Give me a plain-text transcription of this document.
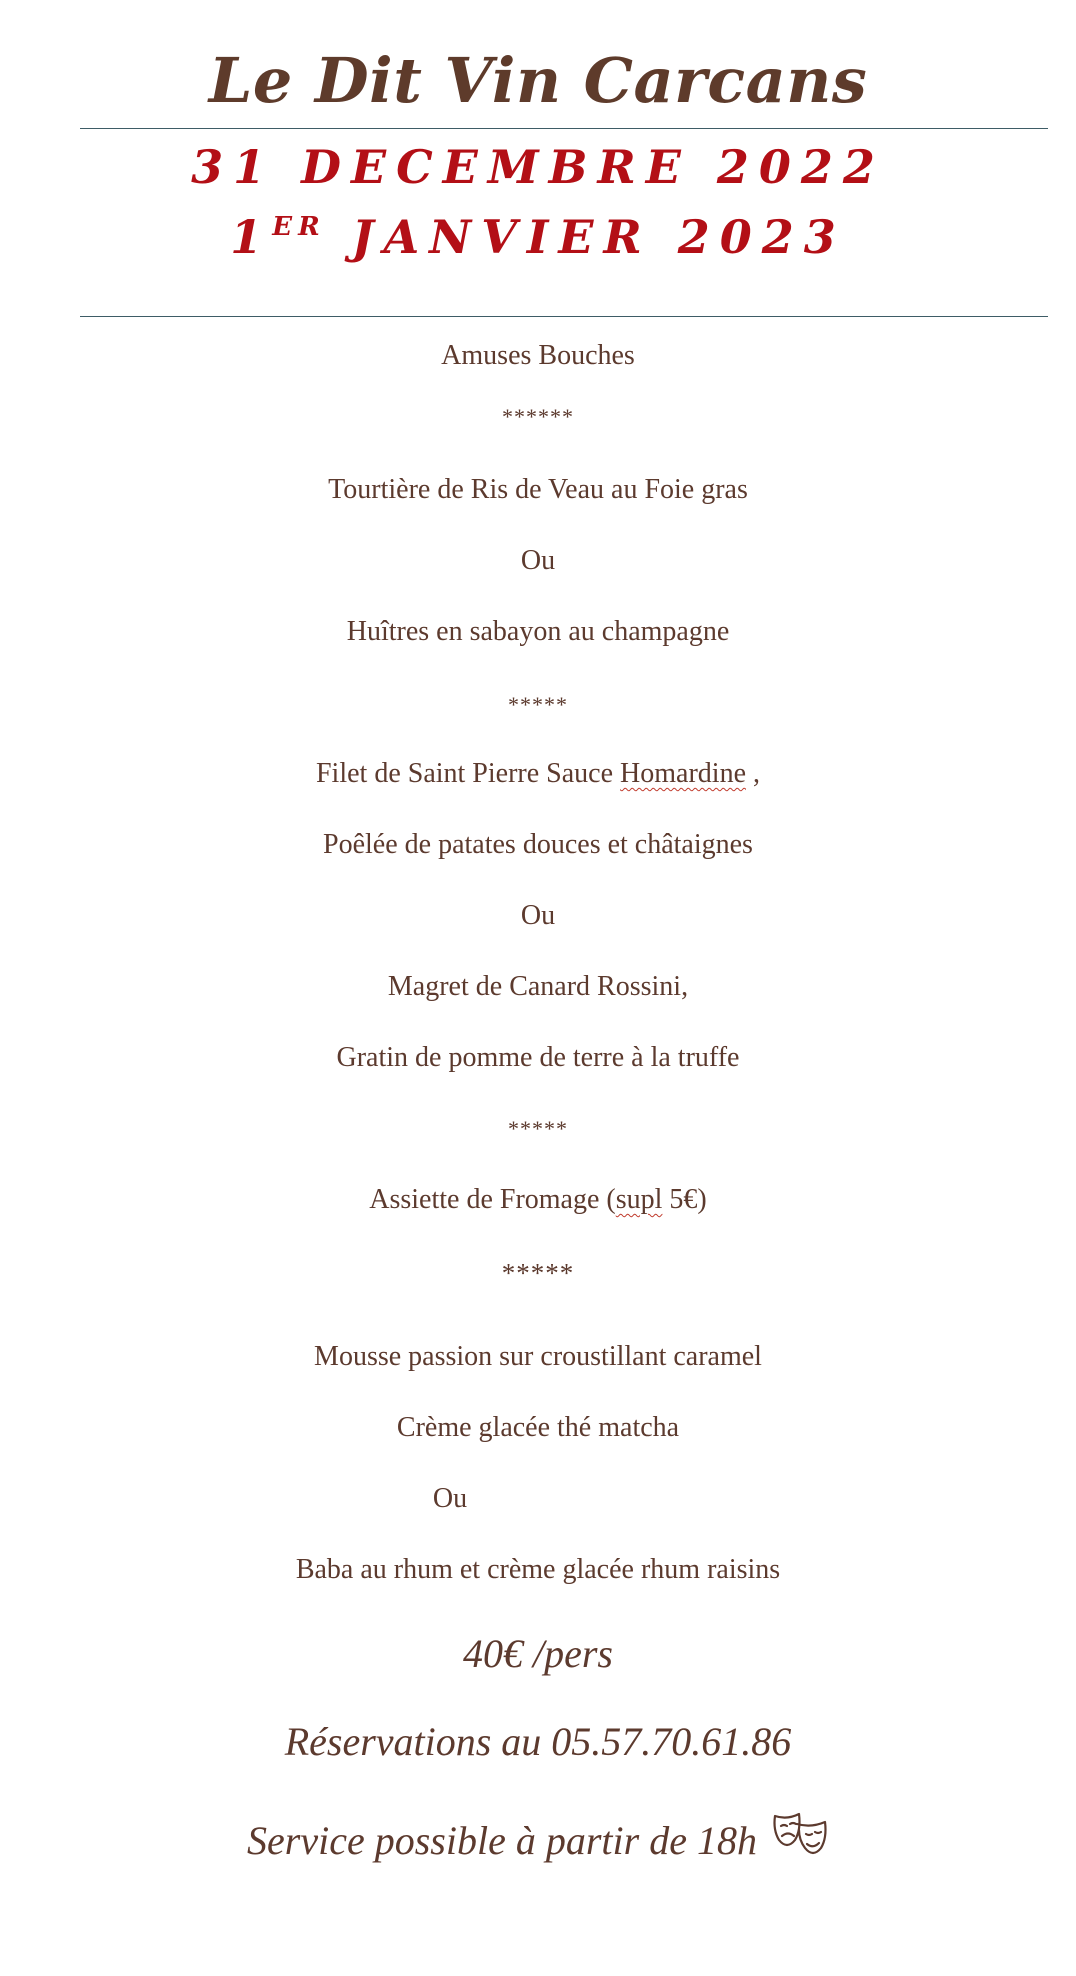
Le Dit Vin Carcans
31 DECEMBRE 2022
1ER JANVIER 2023
Amuses Bouches
******
Tourtière de Ris de Veau au Foie gras
Ou
Huîtres en sabayon au champagne
*****
Filet de Saint Pierre Sauce Homardine ,
Poêlée de patates douces et châtaignes
Ou
Magret de Canard Rossini,
Gratin de pomme de terre à la truffe
*****
Assiette de Fromage (supl 5€)
*****
Mousse passion sur croustillant caramel
Crème glacée thé matcha
Ou
Baba au rhum et crème glacée rhum raisins
40€ /pers
Réservations au 05.57.70.61.86
Service possible à partir de 18h
